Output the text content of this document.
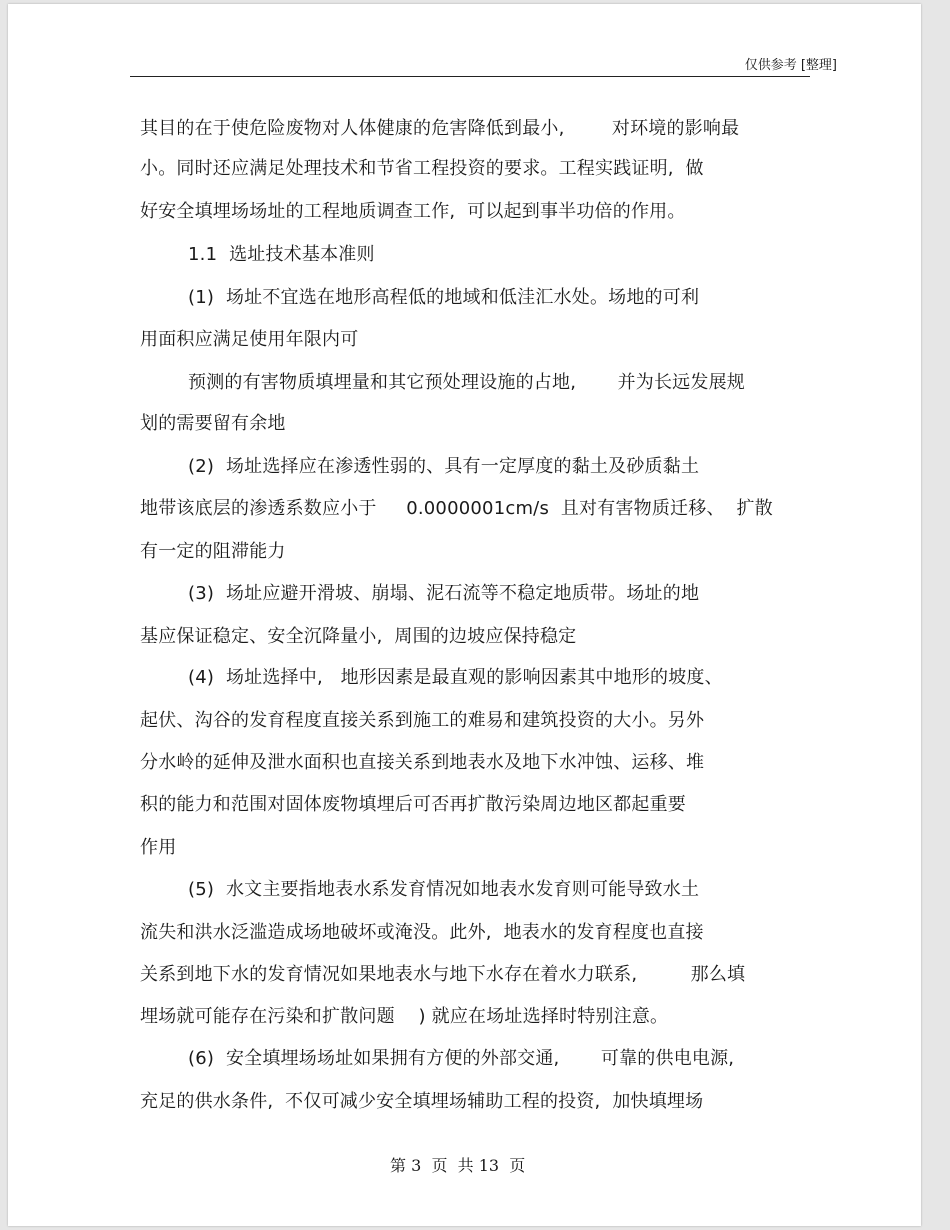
仅供参考 [整理]
其目的在于使危险废物对人体健康的危害降低到最小,        对环境的影响最
小。同时还应满足处理技术和节省工程投资的要求。工程实践证明,  做
好安全填埋场场址的工程地质调查工作,  可以起到事半功倍的作用。
1.1  选址技术基本准则
(1)  场址不宜选在地形高程低的地域和低洼汇水处。场地的可利
用面积应满足使用年限内可
预测的有害物质填埋量和其它预处理设施的占地,       并为长远发展规
划的需要留有余地
(2)  场址选择应在渗透性弱的、具有一定厚度的黏土及砂质黏土
地带该底层的渗透系数应小于     0.0000001cm/s  且对有害物质迁移、  扩散
有一定的阻滞能力
(3)  场址应避开滑坡、崩塌、泥石流等不稳定地质带。场址的地
基应保证稳定、安全沉降量小,  周围的边坡应保持稳定
(4)  场址选择中,   地形因素是最直观的影响因素其中地形的坡度、
起伏、沟谷的发育程度直接关系到施工的难易和建筑投资的大小。另外
分水岭的延伸及泄水面积也直接关系到地表水及地下水冲蚀、运移、堆
积的能力和范围对固体废物填埋后可否再扩散污染周边地区都起重要
作用
(5)  水文主要指地表水系发育情况如地表水发育则可能导致水土
流失和洪水泛滥造成场地破坏或淹没。此外,  地表水的发育程度也直接
关系到地下水的发育情况如果地表水与地下水存在着水力联系,         那么填
埋场就可能存在污染和扩散问题    ) 就应在场址选择时特别注意。
(6)  安全填埋场场址如果拥有方便的外部交通,       可靠的供电电源,
充足的供水条件,  不仅可减少安全填埋场辅助工程的投资,  加快填埋场
第 3  页  共 13  页
